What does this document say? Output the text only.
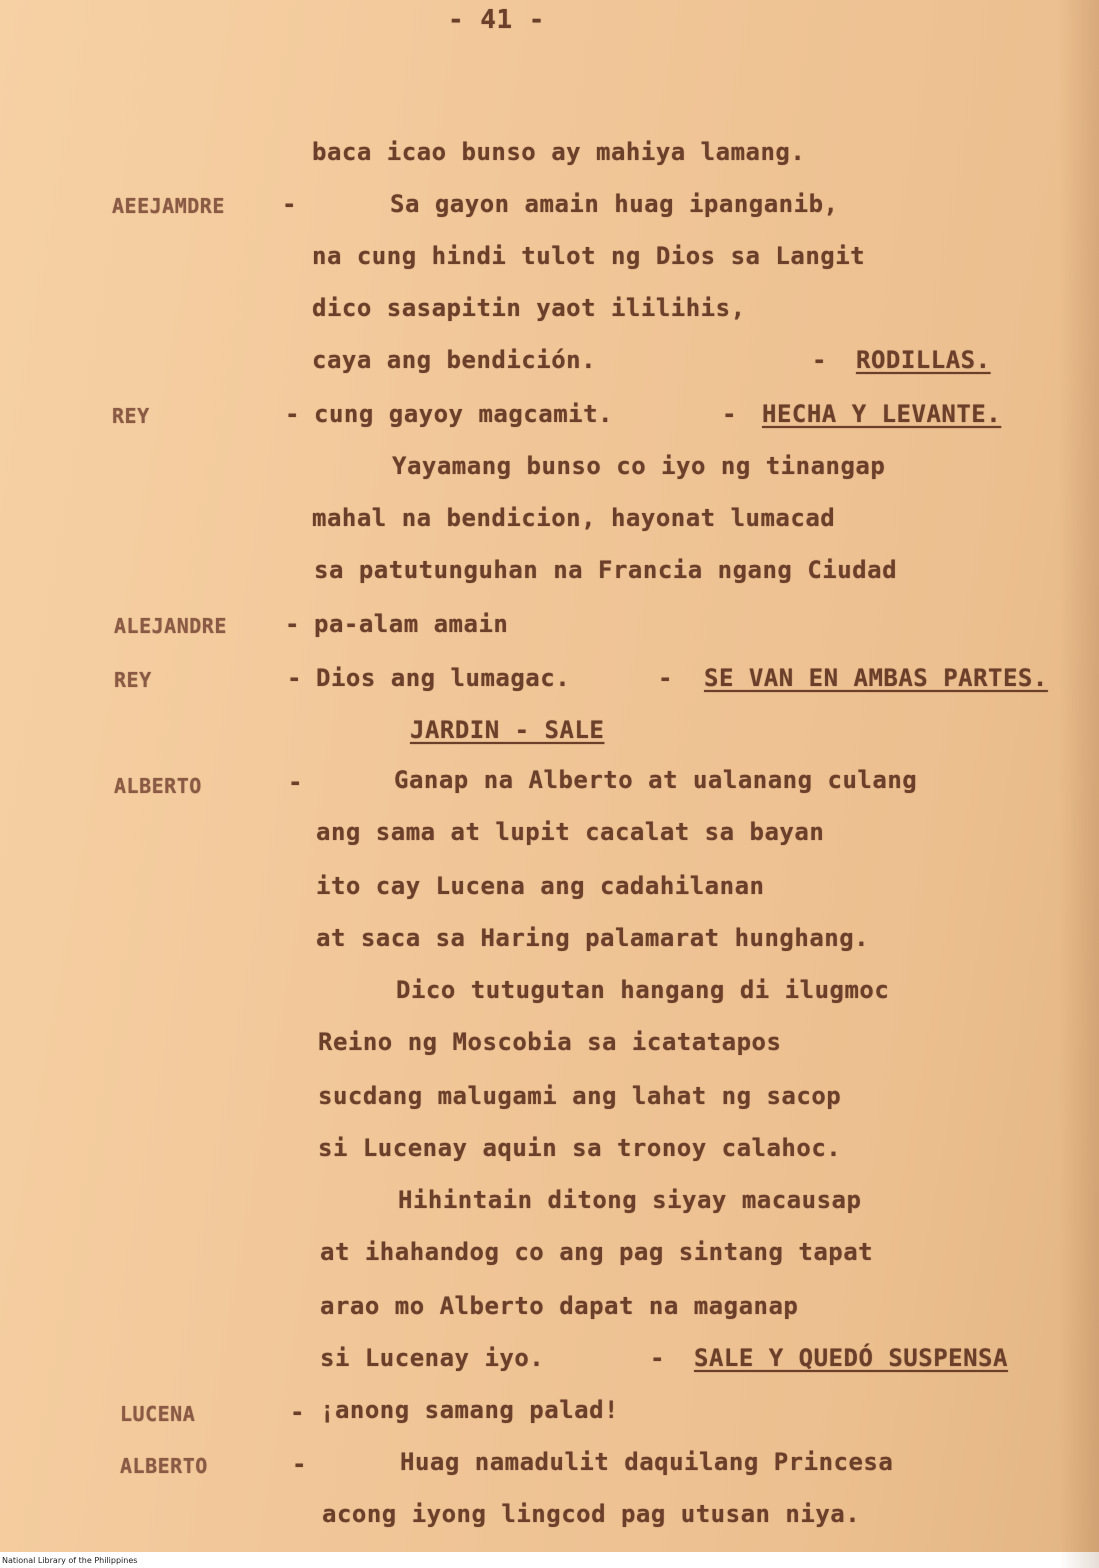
- 41 -
baca icao bunso ay mahiya lamang.
AEEJAMDRE -	Sa gayon amain huag ipanganib,
na cung hindi tulot ng Dios sa Langit
dico sasapitin yaot ililihis,
caya ang bendición.	- RODILLAS.
REY	- cung gayoy magcamit.	- HECHA Y LEVANTE.
Yayamang bunso co iyo ng tinangap
mahal na bendicion, hayonat lumacad
sa patutunguhan na Francia ngang Ciudad
ALEJANDRE - pa-alam amain
REY	- Dios ang lumagac.	- SE VAN EN AMBAS PARTES.
JARDIN - SALE
ALBERTO	-	Ganap na Alberto at ualanang culang
ang sama at lupit cacalat sa bayan
ito cay Lucena ang cadahilanan
at saca sa Haring palamarat hunghang.
Dico tutugutan hangang di ilugmoc
Reino ng Moscobia sa icatatapos
sucdang malugami ang lahat ng sacop
si Lucenay aquin sa tronoy calahoc.
Hihintain ditong siyay macausap
at ihahandog co ang pag sintang tapat
arao mo Alberto dapat na maganap
si Lucenay iyo.	- SALE Y QUEDÓ SUSPENSA
LUCENA	- ¡anong samang palad!
ALBERTO	-	Huag namadulit daquilang Princesa
acong iyong lingcod pag utusan niya.
National Library of the Philippines
